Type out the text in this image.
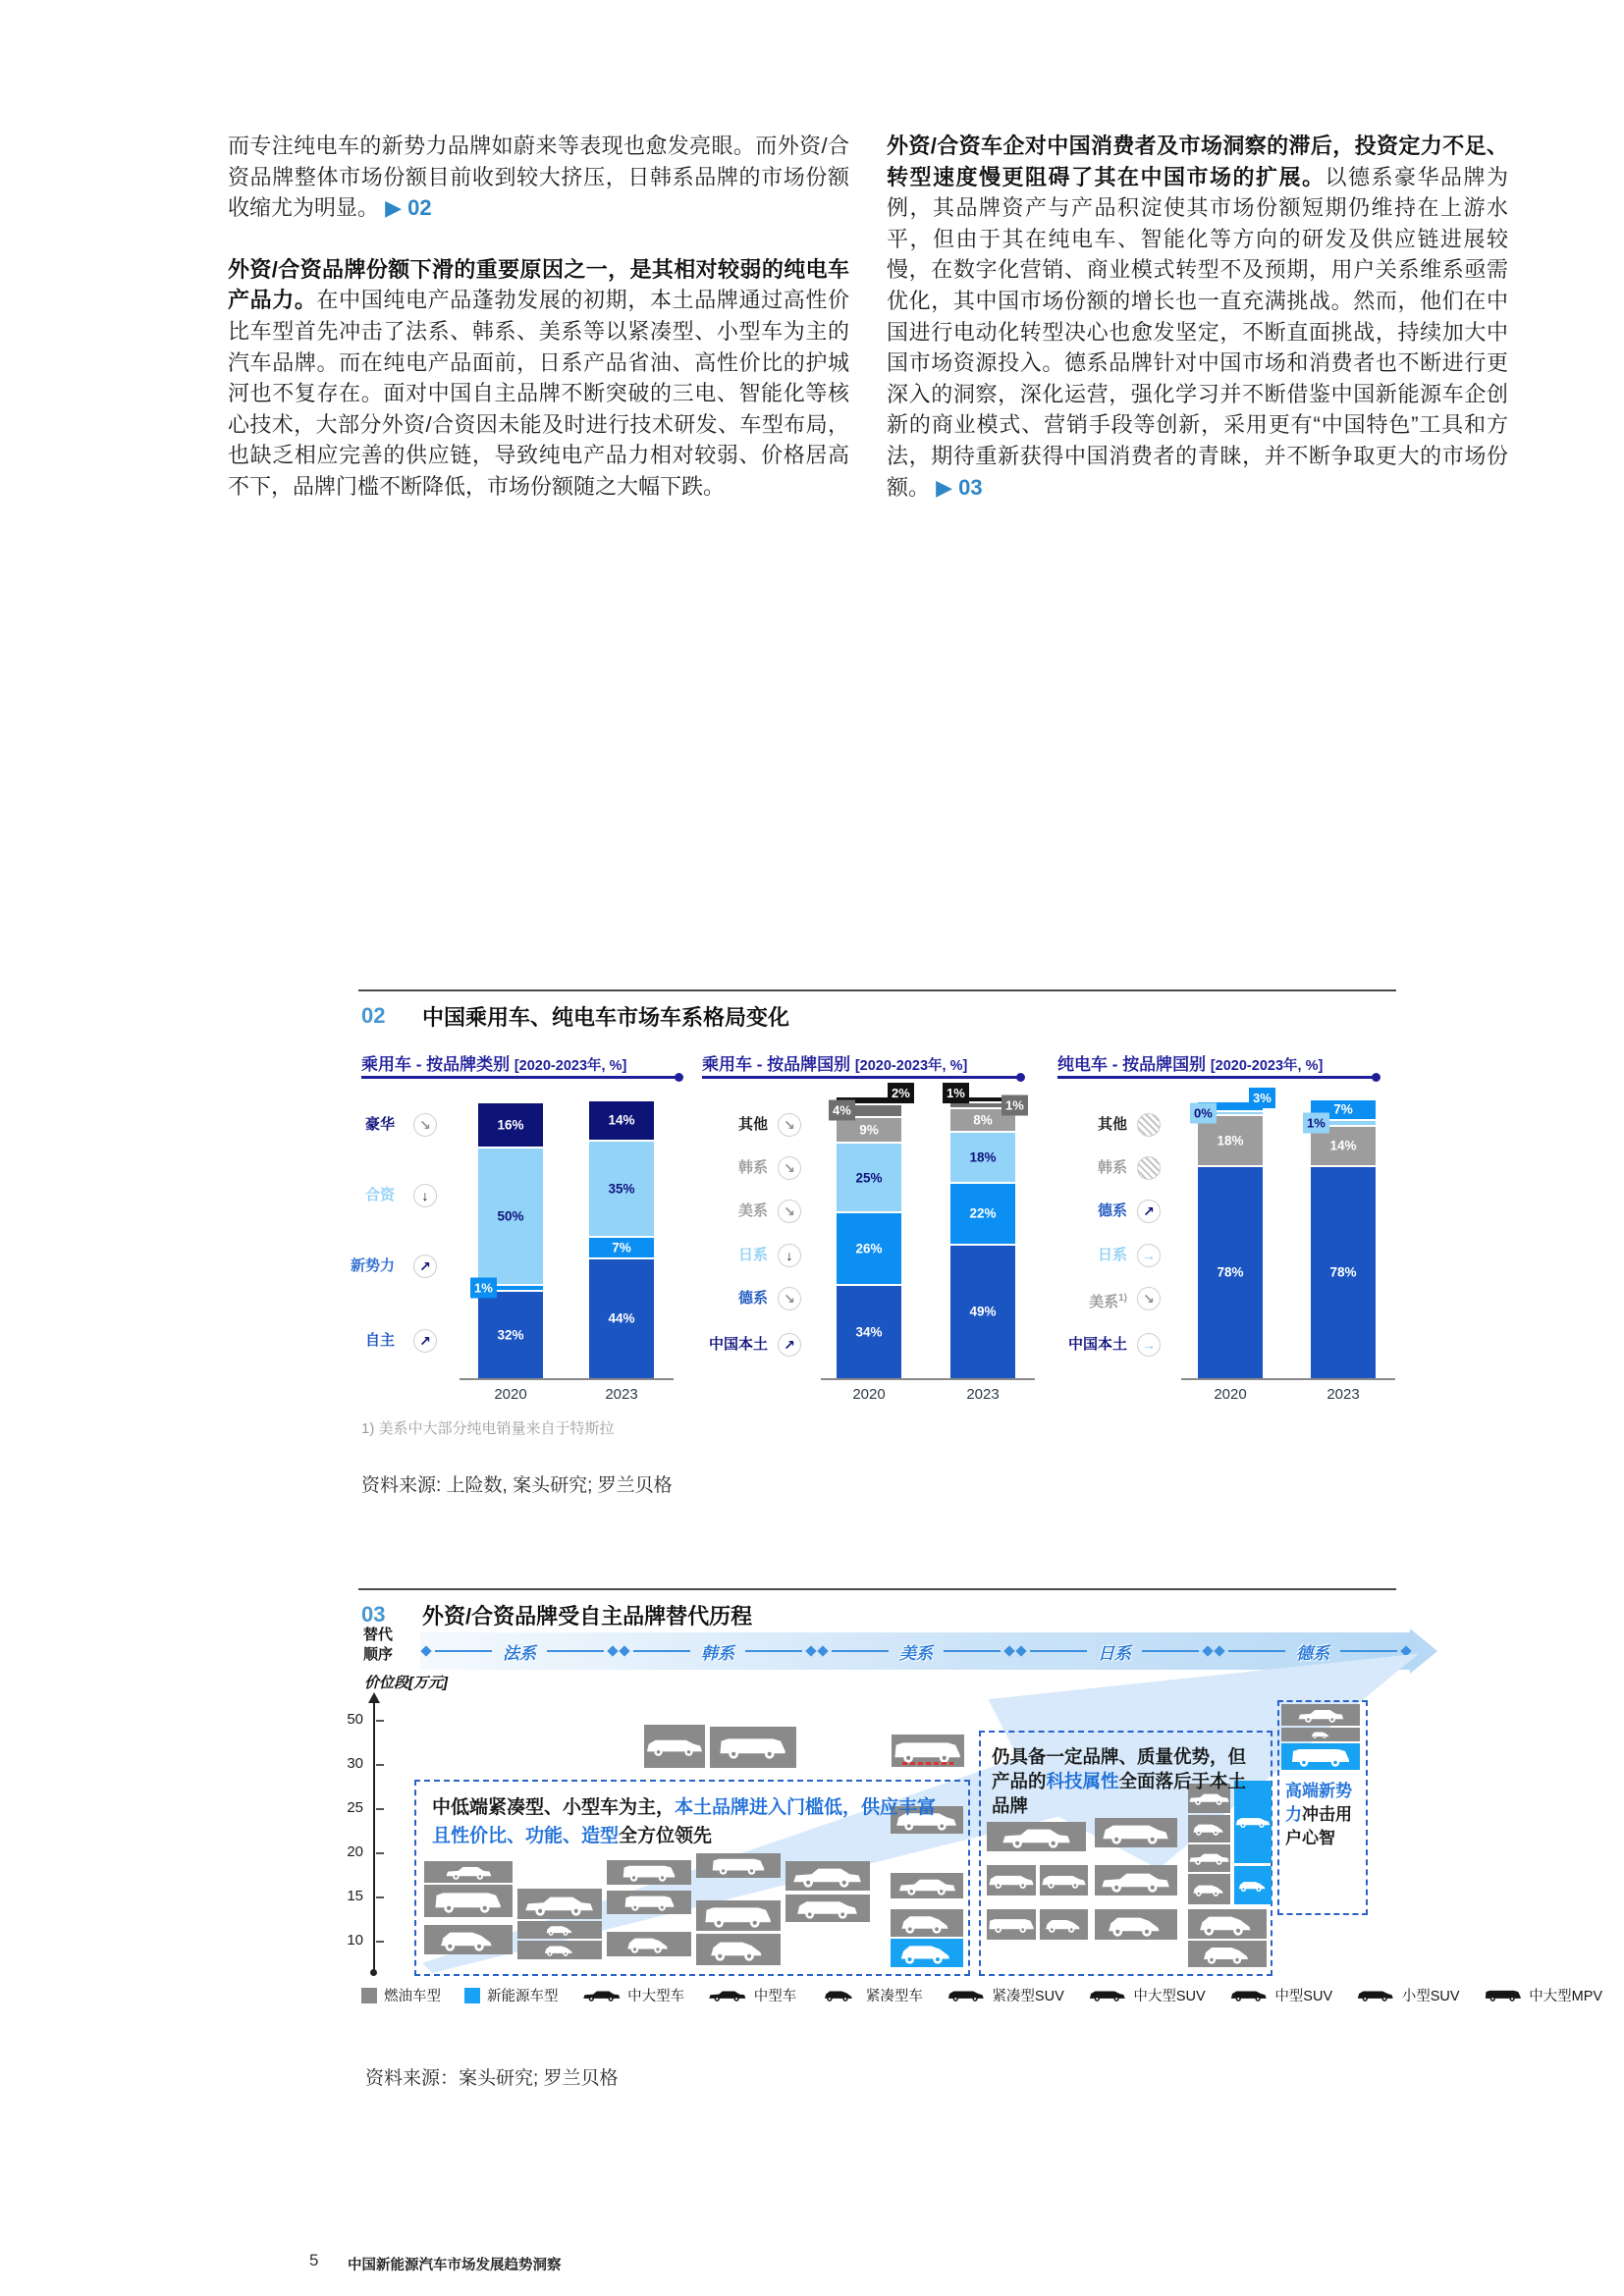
而专注纯电车的新势力品牌如蔚来等表现也愈发亮眼。而外资/合资品牌整体市场份额目前收到较大挤压，日韩系品牌的市场份额收缩尤为明显。 ▶ 02

外资/合资品牌份额下滑的重要原因之一，是其相对较弱的纯电车产品力。在中国纯电产品蓬勃发展的初期，本土品牌通过高性价比车型首先冲击了法系、韩系、美系等以紧凑型、小型车为主的汽车品牌。而在纯电产品面前，日系产品省油、高性价比的护城河也不复存在。面对中国自主品牌不断突破的三电、智能化等核心技术，大部分外资/合资因未能及时进行技术研发、车型布局，也缺乏相应完善的供应链，导致纯电产品力相对较弱、价格居高不下，品牌门槛不断降低，市场份额随之大幅下跌。

外资/合资车企对中国消费者及市场洞察的滞后，投资定力不足、转型速度慢更阻碍了其在中国市场的扩展。以德系豪华品牌为例，其品牌资产与产品积淀使其市场份额短期仍维持在上游水平，但由于其在纯电车、智能化等方向的研发及供应链进展较慢，在数字化营销、商业模式转型不及预期，用户关系维系亟需优化，其中国市场份额的增长也一直充满挑战。然而，他们在中国进行电动化转型决心也愈发坚定，不断直面挑战，持续加大中国市场资源投入。德系品牌针对中国市场和消费者也不断进行更深入的洞察，深化运营，强化学习并不断借鉴中国新能源车企创新的商业模式、营销手段等创新，采用更有“中国特色”工具和方法，期待重新获得中国消费者的青睐，并不断争取更大的市场份额。 ▶ 03

02 中国乘用车、纯电车市场车系格局变化
乘用车 - 按品牌类别 [2020-2023年, %]
豪华	↘
合资	↓
新势力	↗
自主	↗
16%
50%
1%
32%
2020
14%
35%
7%
44%
2023
乘用车 - 按品牌国别 [2020-2023年, %]
其他	↘
韩系	↘
美系	↘
日系	↓
德系	↘
中国本土	↗
2%
4%
9%
25%
26%
34%
2020
1%
1%
8%
18%
22%
49%
2023
纯电车 - 按品牌国别 [2020-2023年, %]
其他
韩系
德系	↗
日系	→
美系$^{1)}$	↘
中国本土	→
3%
0%
18%
78%
2020
7%
1%
14%
78%
2023
1) 美系中大部分纯电销量来自于特斯拉
资料来源: 上险数, 案头研究; 罗兰贝格
03 外资/合资品牌受自主品牌替代历程
替代
顺序	法系	韩系	美系	日系	德系
价位段[万元]
50
30
25
20
15
10
中低端紧凑型、小型车为主，本土品牌进入门槛低，供应丰富且性价比、功能、造型全方位领先
仍具备一定品牌、质量优势，但产品的科技属性全面落后于本土品牌
高端新势力冲击用户心智
燃油车型	新能源车型	中大型车	中型车	紧凑型车	紧凑型SUV	中大型SUV	中型SUV	小型SUV	中大型MPV
资料来源：案头研究; 罗兰贝格
5 中国新能源汽车市场发展趋势洞察
